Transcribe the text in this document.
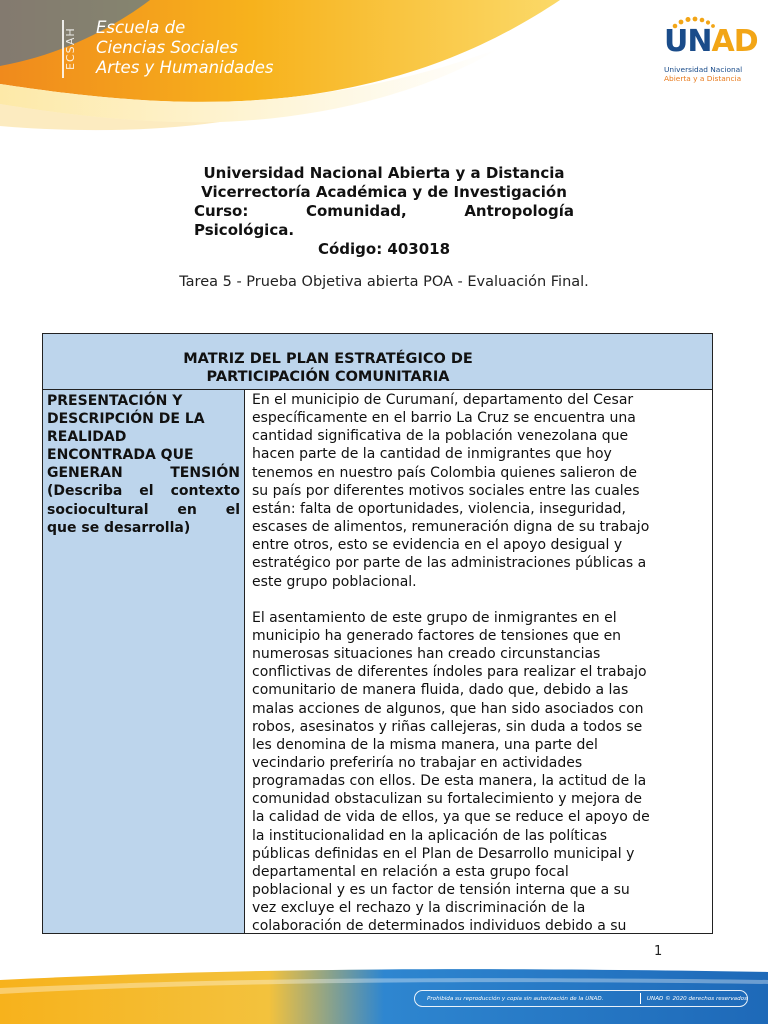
ECSAH
Escuela de
Ciencias Sociales
Artes y Humanidades
UNAD
Universidad Nacional
Abierta y a Distancia
Universidad Nacional Abierta y a Distancia
Vicerrectoría Académica y de Investigación
Curso:	Comunidad,	Antropología
Psicológica.
Código: 403018
Tarea 5 - Prueba Objetiva abierta POA - Evaluación Final.
MATRIZ DEL PLAN ESTRATÉGICO DE
PARTICIPACIÓN COMUNITARIA
PRESENTACIÓN Y
DESCRIPCIÓN DE LA
REALIDAD
ENCONTRADA QUE
GENERAN	TENSIÓN
(Describa el contexto
sociocultural en el
que se desarrolla)
En el municipio de Curumaní, departamento del Cesar
específicamente en el barrio La Cruz se encuentra una
cantidad significativa de la población venezolana que
hacen parte de la cantidad de inmigrantes que hoy
tenemos en nuestro país Colombia quienes salieron de
su país por diferentes motivos sociales entre las cuales
están: falta de oportunidades, violencia, inseguridad,
escases de alimentos, remuneración digna de su trabajo
entre otros, esto se evidencia en el apoyo desigual y
estratégico por parte de las administraciones públicas a
este grupo poblacional.
El asentamiento de este grupo de inmigrantes en el
municipio ha generado factores de tensiones que en
numerosas situaciones han creado circunstancias
conflictivas de diferentes índoles para realizar el trabajo
comunitario de manera fluida, dado que, debido a las
malas acciones de algunos, que han sido asociados con
robos, asesinatos y riñas callejeras, sin duda a todos se
les denomina de la misma manera, una parte del
vecindario preferiría no trabajar en actividades
programadas con ellos. De esta manera, la actitud de la
comunidad obstaculizan su fortalecimiento y mejora de
la calidad de vida de ellos, ya que se reduce el apoyo de
la institucionalidad en la aplicación de las políticas
públicas definidas en el Plan de Desarrollo municipal y
departamental en relación a esta grupo focal
poblacional y es un factor de tensión interna que a su
vez excluye el rechazo y la discriminación de la
colaboración de determinados individuos debido a su
1
Prohibida su reproducción y copia sin autorización de la UNAD.	UNAD © 2020 derechos reservados
